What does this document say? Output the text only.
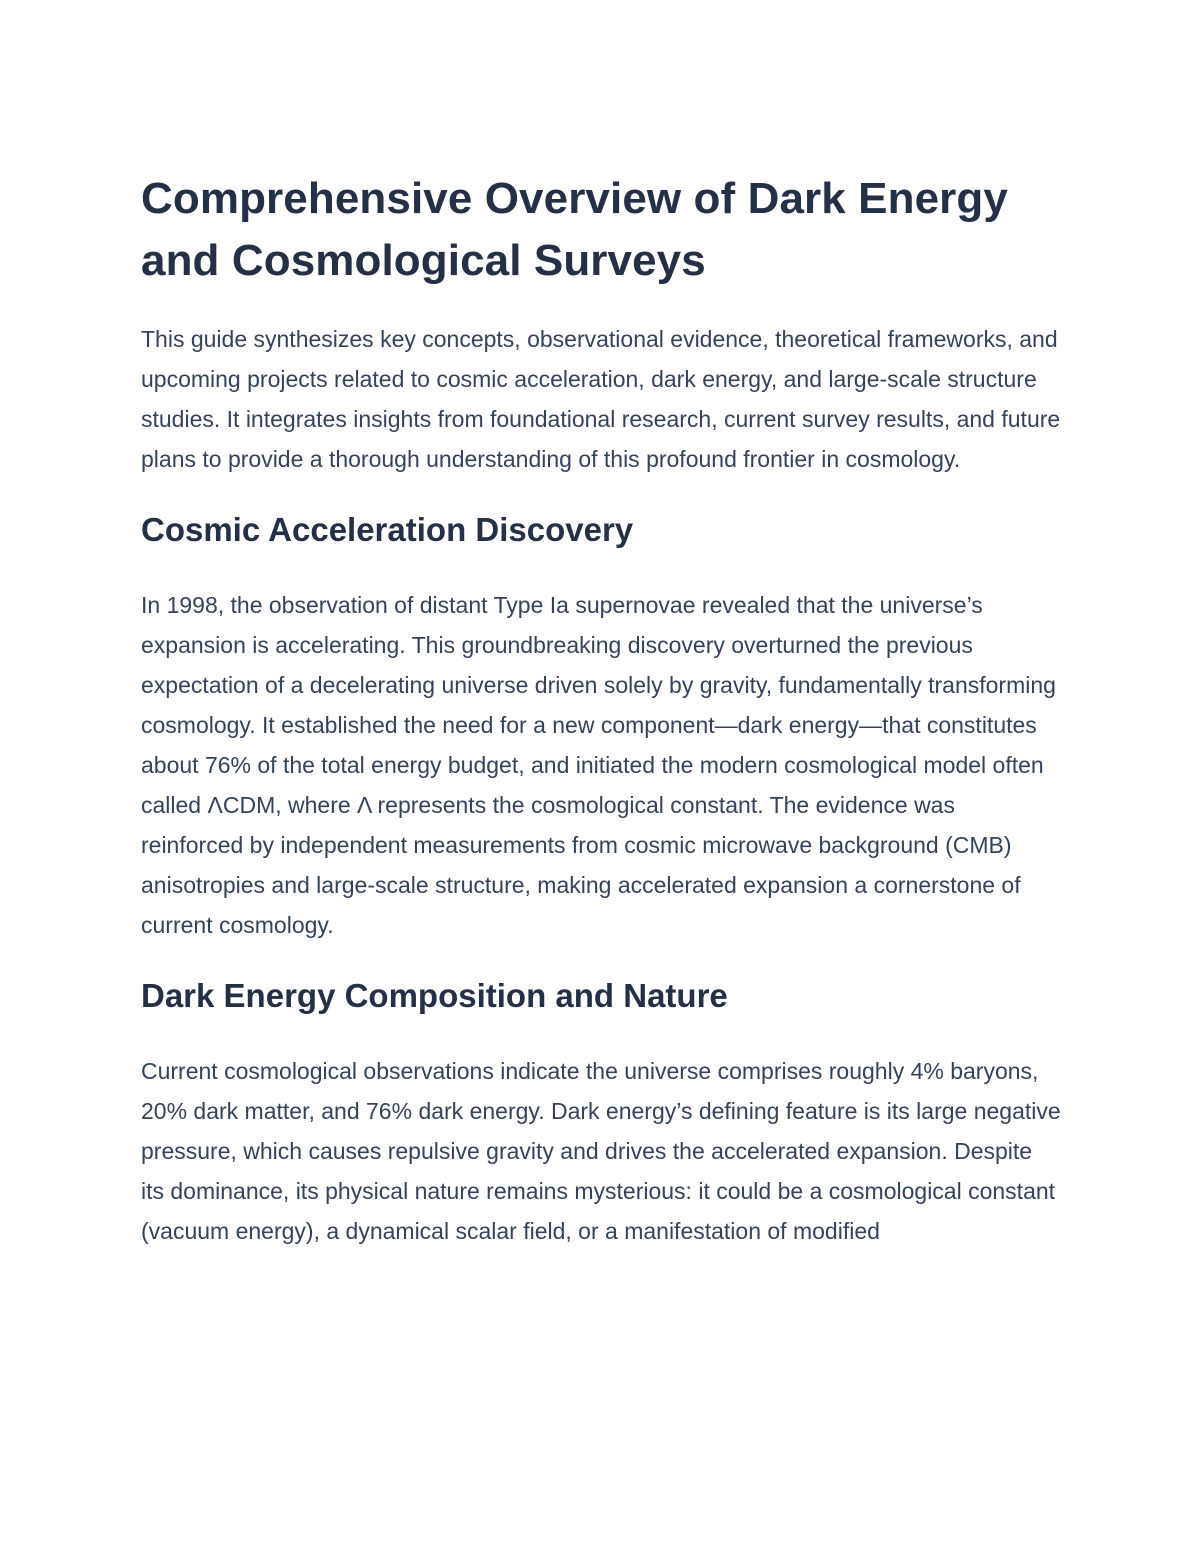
Comprehensive Overview of Dark Energy and Cosmological Surveys

This guide synthesizes key concepts, observational evidence, theoretical frameworks, and upcoming projects related to cosmic acceleration, dark energy, and large-scale structure studies. It integrates insights from foundational research, current survey results, and future plans to provide a thorough understanding of this profound frontier in cosmology.

Cosmic Acceleration Discovery

In 1998, the observation of distant Type Ia supernovae revealed that the universe’s expansion is accelerating. This groundbreaking discovery overturned the previous expectation of a decelerating universe driven solely by gravity, fundamentally transforming cosmology. It established the need for a new component—dark energy—that constitutes about 76% of the total energy budget, and initiated the modern cosmological model often called ΛCDM, where Λ represents the cosmological constant. The evidence was reinforced by independent measurements from cosmic microwave background (CMB) anisotropies and large-scale structure, making accelerated expansion a cornerstone of current cosmology.

Dark Energy Composition and Nature

Current cosmological observations indicate the universe comprises roughly 4% baryons, 20% dark matter, and 76% dark energy. Dark energy’s defining feature is its large negative pressure, which causes repulsive gravity and drives the accelerated expansion. Despite its dominance, its physical nature remains mysterious: it could be a cosmological constant (vacuum energy), a dynamical scalar field, or a manifestation of modified
